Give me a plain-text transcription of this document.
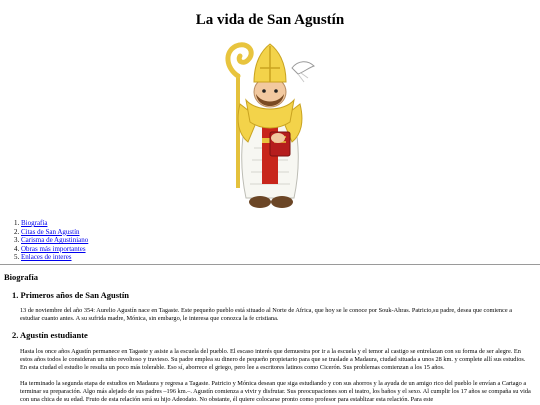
La vida de San Agustín
1. Biografía
2. Citas de San Agustín
3. Carisma de Agustiniano
4. Obras más importantes
5. Enlaces de interes
Biografía
1. Primeros años de San Agustín

13 de noviembre del año 354: Aurelio Agustín nace en Tagaste. Este pequeño pueblo está situado al Norte de Africa, que hoy se le conoce por Souk-Ahras. Patricio,su padre, desea que comience a estudiar cuanto antes. A su sufrida madre, Mónica, sin embargo, le interesa que conozca la fe cristiana.

2. Agustín estudiante

Hasta los once años Agustín permanece en Tagaste y asiste a la escuela del pueblo. El escaso interés que demuestra por ir a la escuela y el temor al castigo se entrelazan con su forma de ser alegre. En estos años todos le consideran un niño revoltoso y travieso. Su padre emplea su dinero de pequeño propietario para que se traslade a Madaura, ciudad situada a unos 28 km. y complete allí sus estudios. En esta ciudad el estudio le resulta un poco más tolerable. Eso sí, aborrece el griego, pero lee a escritores latinos como Cicerón. Sus problemas comienzan a los 15 años.

Ha terminado la segunda etapa de estudios en Madaura y regresa a Tagaste. Patricio y Mónica desean que siga estudiando y con sus ahorros y la ayuda de un amigo rico del pueblo le envían a Cartago a terminar su preparación. Algo más alejado de sus padres –196 km.–. Agustín comienza a vivir y disfrutar. Sus preocupaciones son el teatro, los baños y el sexo. Al cumplir los 17 años se compaña su vida con una chica de su edad. Fruto de esta relación será su hijo Adeodato. No obstante, él quiere colocarse pronto como profesor para establizar esta relación. Para este
